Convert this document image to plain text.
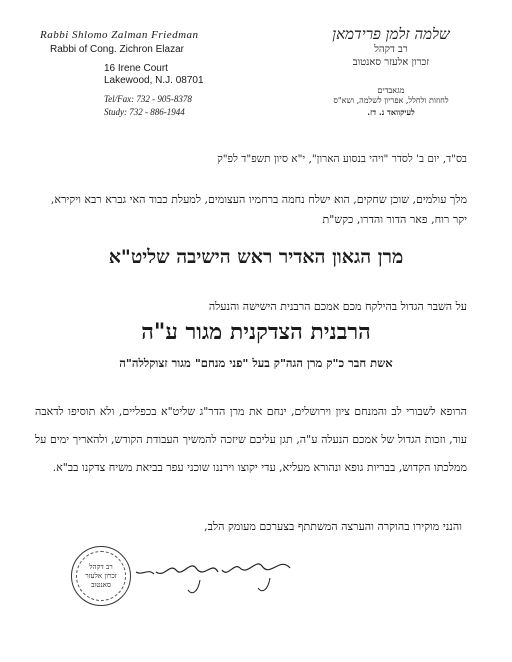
Rabbi Shlomo Zalman Friedman
Rabbi of Cong. Zichron Elazar
16 Irene Court
Lakewood, N.J. 08701
Tel/Fax: 732 - 905-8378
Study: 732 - 886-1944
שלמה זלמן פרידמאן
רב דקהל
זכרון אלעזר סאנטוב
מגאבדים
לחוזות ולחלל, אפריון לשלמה, ושא"ס
לעיקוואד נ. דז.
בס"ד, יום ב' לסדר "ויהי בנסוע הארון", י"א סיון תשפ"ד לפ"ק
מלך עולמים, שוכן שחקים, הוא ישלח נחמה ברחמיו העצומים, למעלת כבוד האי גברא רבא ויקירא, יקר רוח, פאר הדור והדרו, כקש"ת
מרן הגאון האדיר ראש הישיבה שליט"א
על השבר הגדול בהילקח מכם אמכם הרבנית הישישה והנעלה
הרבנית הצדקנית מגור ע"ה
אשת חבר כ"ק מרן הגה"ק בעל "פני מנחם" מגור זצוקללה"ה
הרופא לשבורי לב והמנחם ציון וירושלים, ינחם את מרן הדר"ג שליט"א בכפליים, ולא תוסיפו לדאבה עוד, וזכות הגדול של אמכם הנעלה ע"ה, תגן עליכם שיזכה להמשיך העבודת הקודש, ולהאריך ימים על ממלכתו הקדוש, בבריות גופא ונהורא מעליא, עדי יקוצו וירננו שוכני עפר בביאת משיח צדקנו בב"א.
והנני מוקירו בהוקרה והערצה המשתתף בצערכם מעומק הלב,
רב דקהל
זכרון אלעזר
סאנטוב
